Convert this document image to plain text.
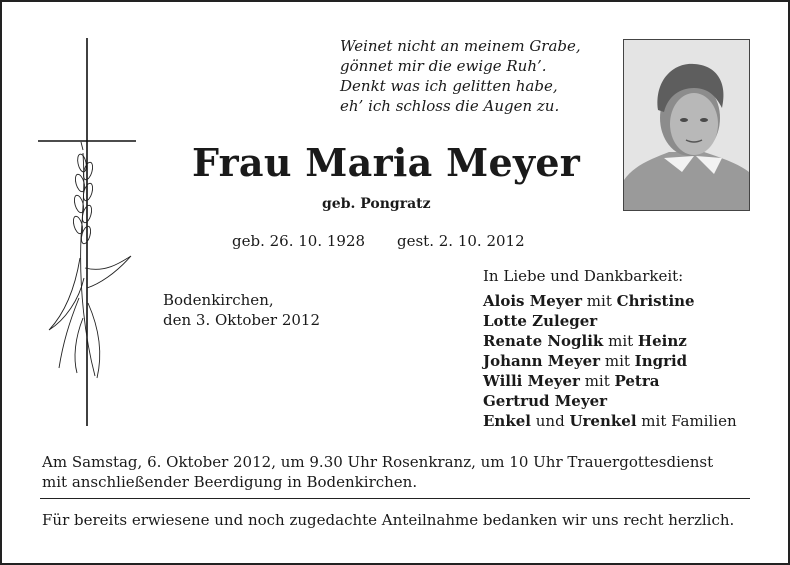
Weinet nicht an meinem Grabe,
gönnet mir die ewige Ruh’.
Denkt was ich gelitten habe,
eh’ ich schloss die Augen zu.
Frau Maria Meyer
geb. Pongratz
geb. 26. 10. 1928 gest. 2. 10. 2012
Bodenkirchen,
den 3. Oktober 2012
In Liebe und Dankbarkeit:
Alois Meyer mit Christine
Lotte Zuleger
Renate Noglik mit Heinz
Johann Meyer mit Ingrid
Willi Meyer mit Petra
Gertrud Meyer
Enkel und Urenkel mit Familien
Am Samstag, 6. Oktober 2012, um 9.30 Uhr Rosenkranz, um 10 Uhr Trauergottesdienst
mit anschließender Beerdigung in Bodenkirchen.
Für bereits erwiesene und noch zugedachte Anteilnahme bedanken wir uns recht herzlich.
